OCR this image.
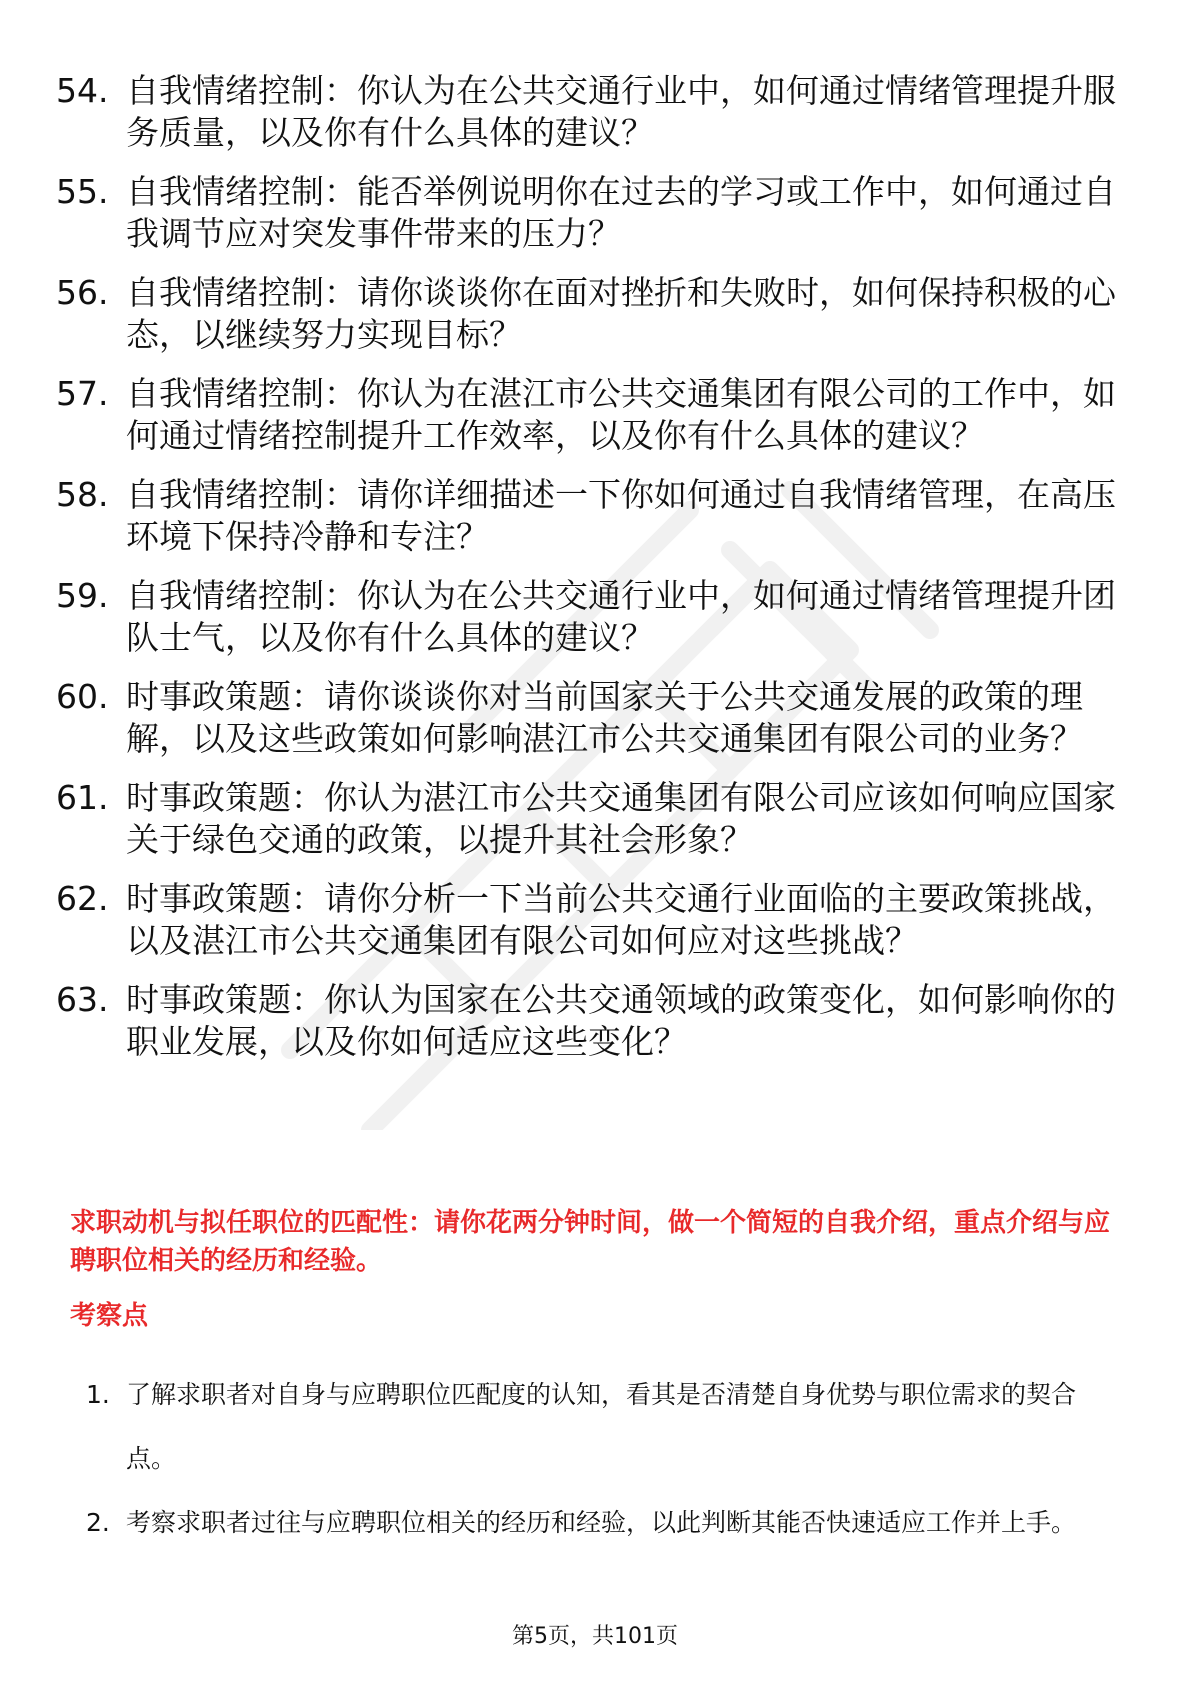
54. 自我情绪控制：你认为在公共交通行业中，如何通过情绪管理提升服务质量，以及你有什么具体的建议？
55. 自我情绪控制：能否举例说明你在过去的学习或工作中，如何通过自我调节应对突发事件带来的压力？
56. 自我情绪控制：请你谈谈你在面对挫折和失败时，如何保持积极的心态，以继续努力实现目标？
57. 自我情绪控制：你认为在湛江市公共交通集团有限公司的工作中，如何通过情绪控制提升工作效率，以及你有什么具体的建议？
58. 自我情绪控制：请你详细描述一下你如何通过自我情绪管理，在高压环境下保持冷静和专注？
59. 自我情绪控制：你认为在公共交通行业中，如何通过情绪管理提升团队士气，以及你有什么具体的建议？
60. 时事政策题：请你谈谈你对当前国家关于公共交通发展的政策的理解，以及这些政策如何影响湛江市公共交通集团有限公司的业务？
61. 时事政策题：你认为湛江市公共交通集团有限公司应该如何响应国家关于绿色交通的政策，以提升其社会形象？
62. 时事政策题：请你分析一下当前公共交通行业面临的主要政策挑战，以及湛江市公共交通集团有限公司如何应对这些挑战？
63. 时事政策题：你认为国家在公共交通领域的政策变化，如何影响你的职业发展，以及你如何适应这些变化？

求职动机与拟任职位的匹配性：请你花两分钟时间，做一个简短的自我介绍，重点介绍与应聘职位相关的经历和经验。

考察点

1. 了解求职者对自身与应聘职位匹配度的认知，看其是否清楚自身优势与职位需求的契合点。
2. 考察求职者过往与应聘职位相关的经历和经验，以此判断其能否快速适应工作并上手。
第5页，共101页
